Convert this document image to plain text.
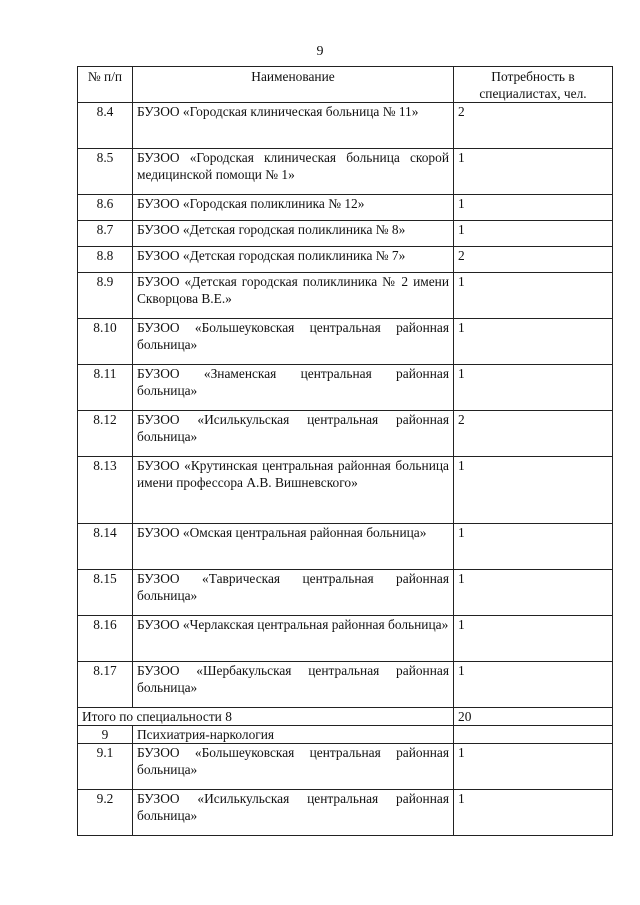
9
№ п/п	Наименование	Потребность в специалистах, чел.
8.4	БУЗОО «Городская клиническая больница № 11»	2
8.5	БУЗОО «Городская клиническая больница скорой медицинской помощи № 1»	1
8.6	БУЗОО «Городская поликлиника № 12»	1
8.7	БУЗОО «Детская городская поликлиника № 8»	1
8.8	БУЗОО «Детская городская поликлиника № 7»	2
8.9	БУЗОО «Детская городская поликлиника № 2 имени Скворцова В.Е.»	1
8.10	БУЗОО «Большеуковская центральная районная больница»	1
8.11	БУЗОО «Знаменская центральная районная больница»	1
8.12	БУЗОО «Исилькульская центральная районная больница»	2
8.13	БУЗОО «Крутинская центральная районная больница имени профессора А.В. Вишневского»	1
8.14	БУЗОО «Омская центральная районная больница»	1
8.15	БУЗОО «Таврическая центральная районная больница»	1
8.16	БУЗОО «Черлакская центральная районная больница»	1
8.17	БУЗОО «Шербакульская центральная районная больница»	1
Итого по специальности 8		20
9	Психиатрия-наркология	
9.1	БУЗОО «Большеуковская центральная районная больница»	1
9.2	БУЗОО «Исилькульская центральная районная больница»	1
